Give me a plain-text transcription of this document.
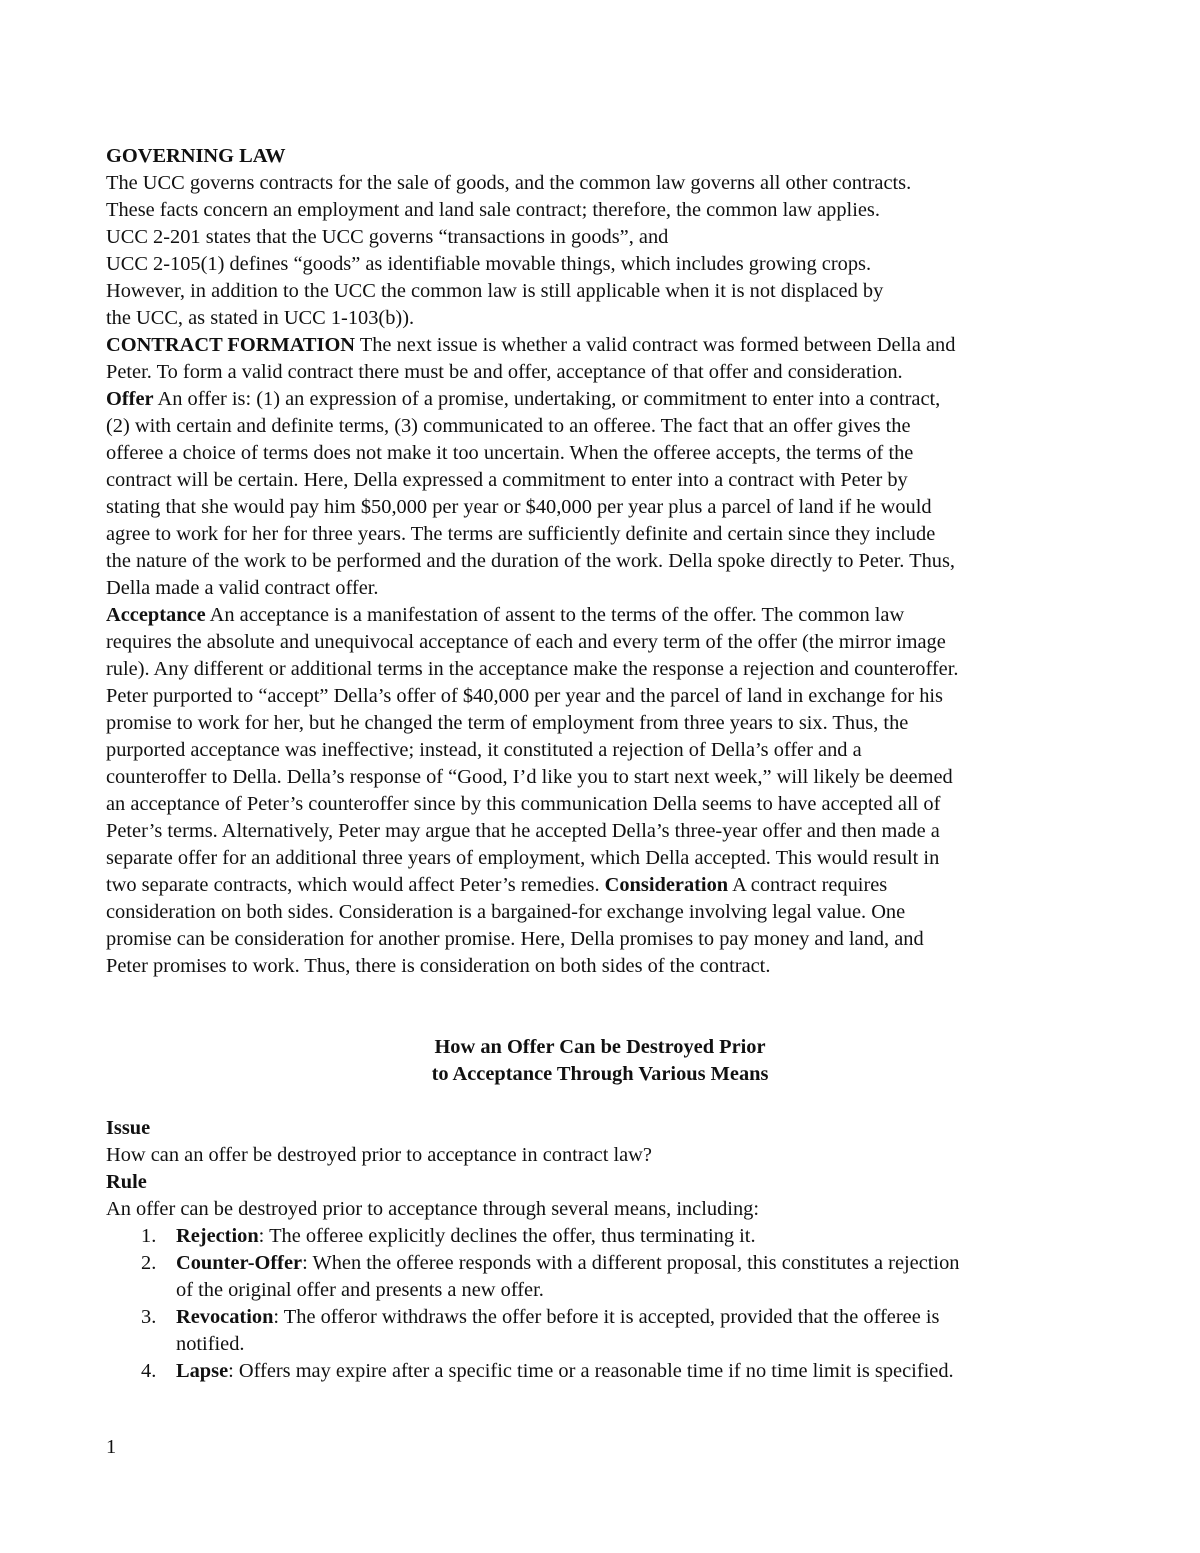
GOVERNING LAW
The UCC governs contracts for the sale of goods, and the common law governs all other contracts.
These facts concern an employment and land sale contract; therefore, the common law applies.
UCC 2-201 states that the UCC governs “transactions in goods”, and
UCC 2-105(1) defines “goods” as identifiable movable things, which includes growing crops.
However, in addition to the UCC the common law is still applicable when it is not displaced by
the UCC, as stated in UCC 1-103(b)).
CONTRACT FORMATION The next issue is whether a valid contract was formed between Della and
Peter. To form a valid contract there must be and offer, acceptance of that offer and consideration.
Offer An offer is: (1) an expression of a promise, undertaking, or commitment to enter into a contract,
(2) with certain and definite terms, (3) communicated to an offeree. The fact that an offer gives the
offeree a choice of terms does not make it too uncertain. When the offeree accepts, the terms of the
contract will be certain. Here, Della expressed a commitment to enter into a contract with Peter by
stating that she would pay him $50,000 per year or $40,000 per year plus a parcel of land if he would
agree to work for her for three years. The terms are sufficiently definite and certain since they include
the nature of the work to be performed and the duration of the work. Della spoke directly to Peter. Thus,
Della made a valid contract offer.
Acceptance An acceptance is a manifestation of assent to the terms of the offer. The common law
requires the absolute and unequivocal acceptance of each and every term of the offer (the mirror image
rule). Any different or additional terms in the acceptance make the response a rejection and counteroffer.
Peter purported to “accept” Della’s offer of $40,000 per year and the parcel of land in exchange for his
promise to work for her, but he changed the term of employment from three years to six. Thus, the
purported acceptance was ineffective; instead, it constituted a rejection of Della’s offer and a
counteroffer to Della. Della’s response of “Good, I’d like you to start next week,” will likely be deemed
an acceptance of Peter’s counteroffer since by this communication Della seems to have accepted all of
Peter’s terms. Alternatively, Peter may argue that he accepted Della’s three-year offer and then made a
separate offer for an additional three years of employment, which Della accepted. This would result in
two separate contracts, which would affect Peter’s remedies. Consideration A contract requires
consideration on both sides. Consideration is a bargained-for exchange involving legal value. One
promise can be consideration for another promise. Here, Della promises to pay money and land, and
Peter promises to work. Thus, there is consideration on both sides of the contract.
How an Offer Can be Destroyed Prior
to Acceptance Through Various Means
Issue
How can an offer be destroyed prior to acceptance in contract law?
Rule
An offer can be destroyed prior to acceptance through several means, including:
1. Rejection: The offeree explicitly declines the offer, thus terminating it.
2. Counter-Offer: When the offeree responds with a different proposal, this constitutes a rejection
of the original offer and presents a new offer.
3. Revocation: The offeror withdraws the offer before it is accepted, provided that the offeree is
notified.
4. Lapse: Offers may expire after a specific time or a reasonable time if no time limit is specified.
1
